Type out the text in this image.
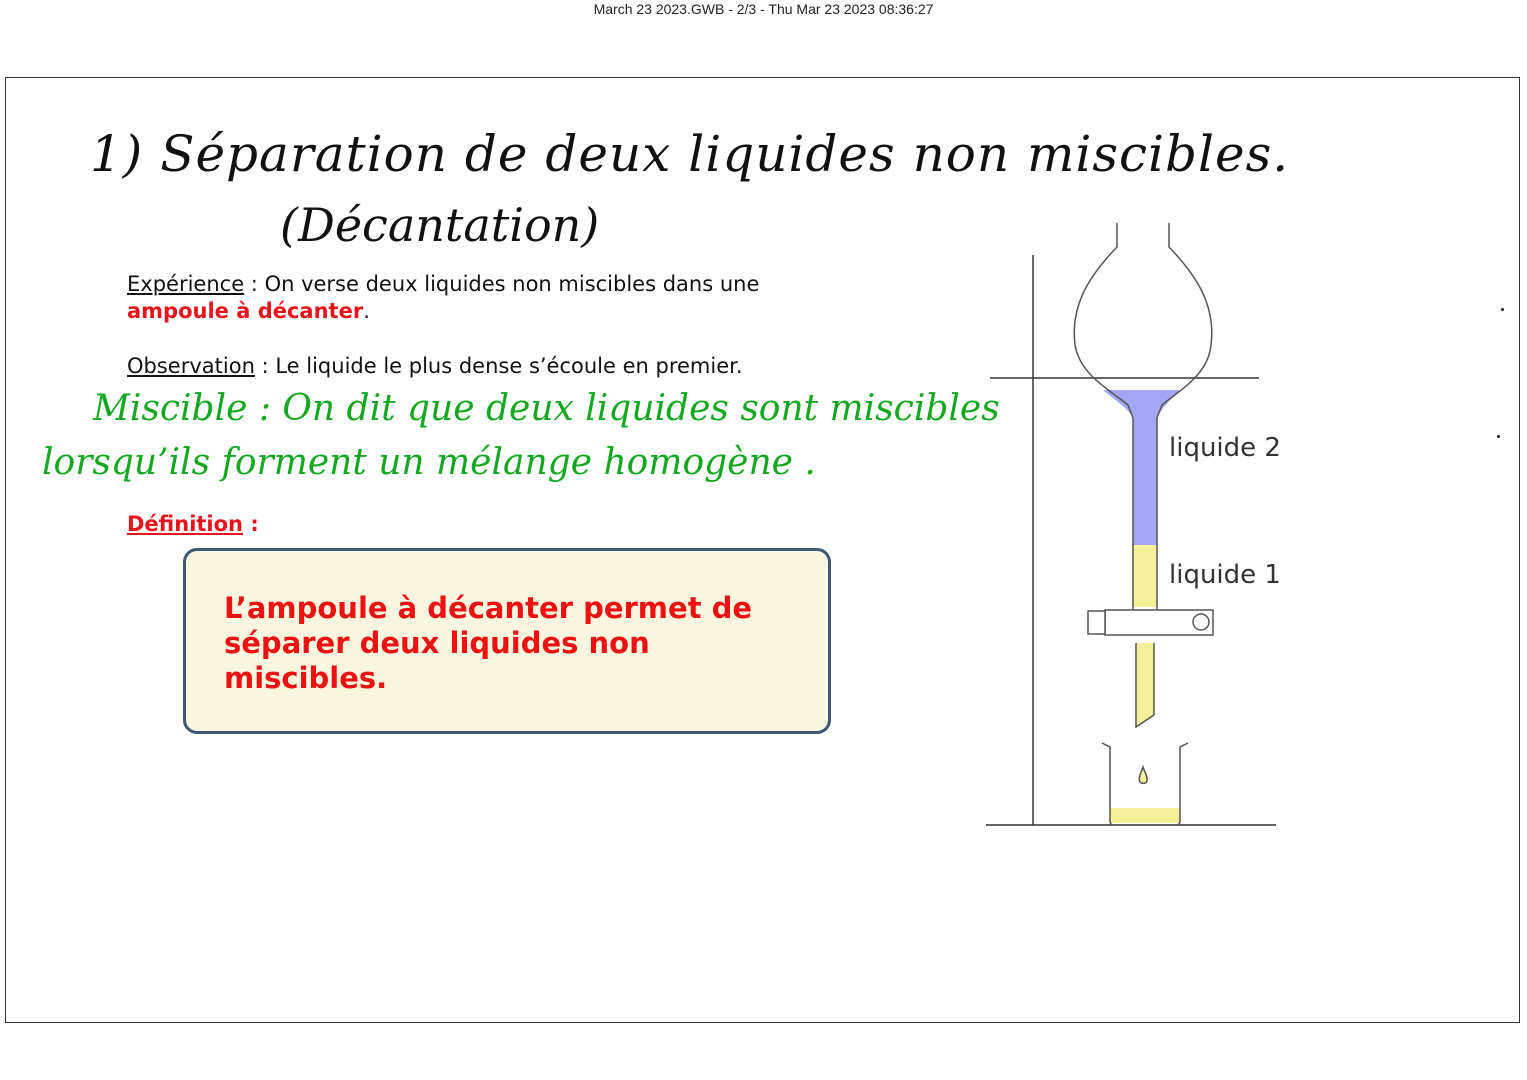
March 23 2023.GWB - 2/3 - Thu Mar 23 2023 08:36:27
1) Séparation de deux liquides non miscibles.
(Décantation)
Expérience : On verse deux liquides non miscibles dans une
ampoule à décanter.
Observation : Le liquide le plus dense s’écoule en premier.
Miscible : On dit que deux liquides sont miscibles
lorsqu’ils forment un mélange homogène .
Définition :
L’ampoule à décanter permet de séparer deux liquides non miscibles.
liquide 2
liquide 1
